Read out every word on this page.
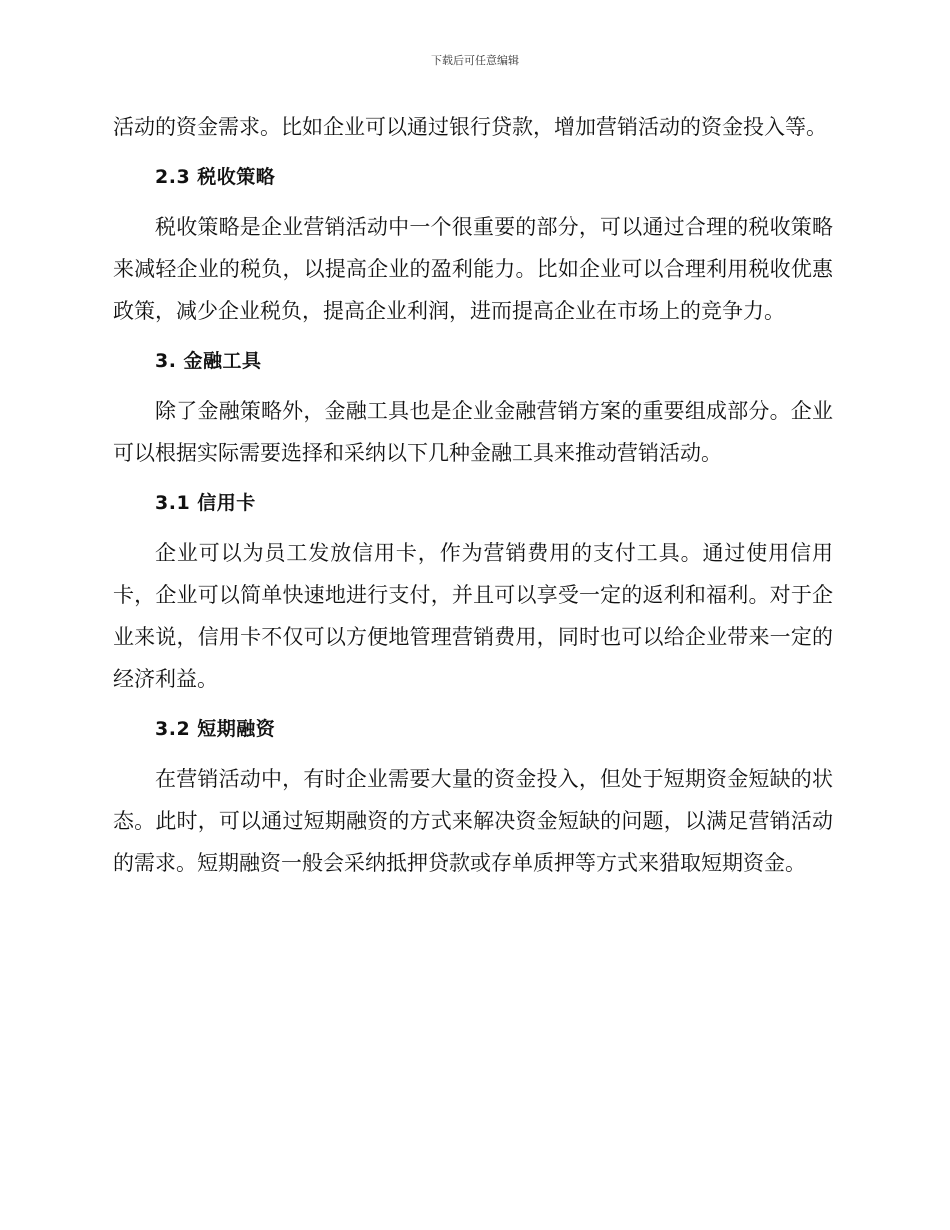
下载后可任意编辑

活动的资金需求。比如企业可以通过银行贷款，增加营销活动的资金投入等。

2.3 税收策略

税收策略是企业营销活动中一个很重要的部分，可以通过合理的税收策略来减轻企业的税负，以提高企业的盈利能力。比如企业可以合理利用税收优惠政策，减少企业税负，提高企业利润，进而提高企业在市场上的竞争力。

3. 金融工具

除了金融策略外，金融工具也是企业金融营销方案的重要组成部分。企业可以根据实际需要选择和采纳以下几种金融工具来推动营销活动。

3.1 信用卡

企业可以为员工发放信用卡，作为营销费用的支付工具。通过使用信用卡，企业可以简单快速地进行支付，并且可以享受一定的返利和福利。对于企业来说，信用卡不仅可以方便地管理营销费用，同时也可以给企业带来一定的经济利益。

3.2 短期融资

在营销活动中，有时企业需要大量的资金投入，但处于短期资金短缺的状态。此时，可以通过短期融资的方式来解决资金短缺的问题，以满足营销活动的需求。短期融资一般会采纳抵押贷款或存单质押等方式来猎取短期资金。
